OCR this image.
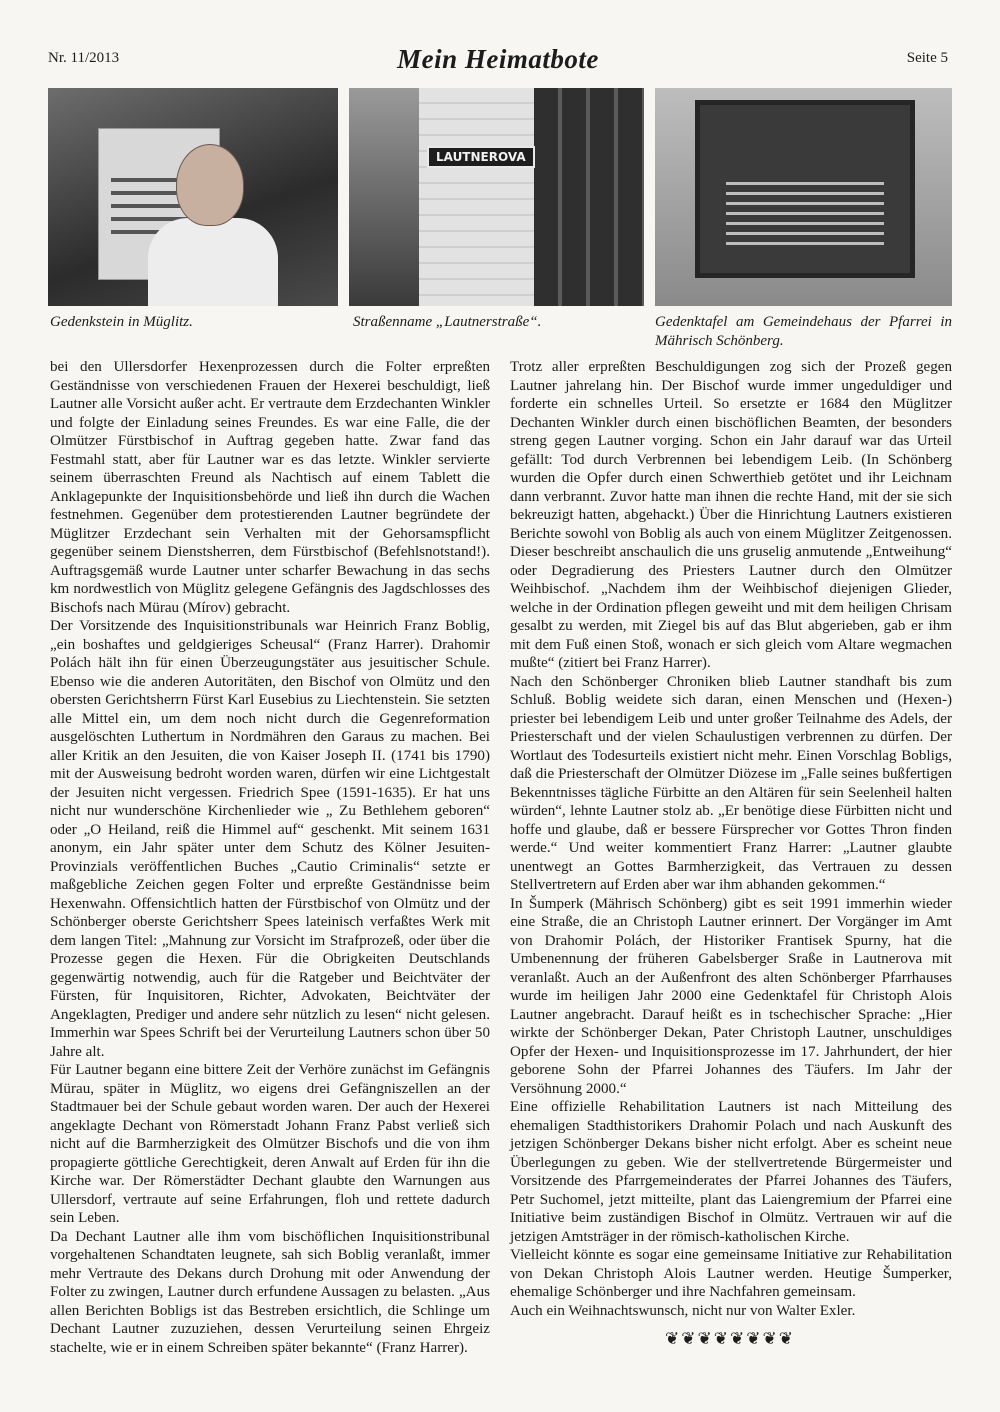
Nr. 11/2013	Mein Heimatbote	Seite 5
LAUTNEROVA
Gedenkstein in Müglitz.	Straßenname „Lautnerstraße“.	Gedenktafel am Gemeindehaus der Pfarrei in Mährisch Schönberg.

bei den Ullersdorfer Hexenprozessen durch die Folter erpreßten Geständnisse von verschiedenen Frauen der Hexerei beschuldigt, ließ Lautner alle Vorsicht außer acht. Er vertraute dem Erzdechanten Winkler und folgte der Einladung seines Freundes. Es war eine Falle, die der Olmützer Fürstbischof in Auftrag gegeben hatte. Zwar fand das Festmahl statt, aber für Lautner war es das letzte. Winkler servierte seinem überraschten Freund als Nachtisch auf einem Tablett die Anklagepunkte der Inquisitionsbehörde und ließ ihn durch die Wachen festnehmen. Gegenüber dem protestierenden Lautner begründete der Müglitzer Erzdechant sein Verhalten mit der Gehorsamspflicht gegenüber seinem Dienstsherren, dem Fürstbischof (Befehlsnotstand!). Auftragsgemäß wurde Lautner unter scharfer Bewachung in das sechs km nordwestlich von Müglitz gelegene Gefängnis des Jagdschlosses des Bischofs nach Mürau (Mírov) gebracht.

Der Vorsitzende des Inquisitionstribunals war Heinrich Franz Boblig, „ein boshaftes und geldgieriges Scheusal“ (Franz Harrer). Drahomir Polách hält ihn für einen Überzeugungstäter aus jesuitischer Schule. Ebenso wie die anderen Autoritäten, den Bischof von Olmütz und den obersten Gerichtsherrn Fürst Karl Eusebius zu Liechtenstein. Sie setzten alle Mittel ein, um dem noch nicht durch die Gegenreformation ausgelöschten Luthertum in Nordmähren den Garaus zu machen. Bei aller Kritik an den Jesuiten, die von Kaiser Joseph II. (1741 bis 1790) mit der Ausweisung bedroht worden waren, dürfen wir eine Lichtgestalt der Jesuiten nicht vergessen. Friedrich Spee (1591-1635). Er hat uns nicht nur wunderschöne Kirchenlieder wie „ Zu Bethlehem geboren“ oder „O Heiland, reiß die Himmel auf“ geschenkt. Mit seinem 1631 anonym, ein Jahr später unter dem Schutz des Kölner Jesuiten-Provinzials veröffentlichen Buches „Cautio Criminalis“ setzte er maßgebliche Zeichen gegen Folter und erpreßte Geständnisse beim Hexenwahn. Offensichtlich hatten der Fürstbischof von Olmütz und der Schönberger oberste Gerichtsherr Spees lateinisch verfaßtes Werk mit dem langen Titel: „Mahnung zur Vorsicht im Strafprozeß, oder über die Prozesse gegen die Hexen. Für die Obrigkeiten Deutschlands gegenwärtig notwendig, auch für die Ratgeber und Beichtväter der Fürsten, für Inquisitoren, Richter, Advokaten, Beichtväter der Angeklagten, Prediger und andere sehr nützlich zu lesen“ nicht gelesen. Immerhin war Spees Schrift bei der Verurteilung Lautners schon über 50 Jahre alt.

Für Lautner begann eine bittere Zeit der Verhöre zunächst im Gefängnis Mürau, später in Müglitz, wo eigens drei Gefängniszellen an der Stadtmauer bei der Schule gebaut worden waren. Der auch der Hexerei angeklagte Dechant von Römerstadt Johann Franz Pabst verließ sich nicht auf die Barmherzigkeit des Olmützer Bischofs und die von ihm propagierte göttliche Gerechtigkeit, deren Anwalt auf Erden für ihn die Kirche war. Der Römerstädter Dechant glaubte den Warnungen aus Ullersdorf, vertraute auf seine Erfahrungen, floh und rettete dadurch sein Leben.

Da Dechant Lautner alle ihm vom bischöflichen Inquisitionstribunal vorgehaltenen Schandtaten leugnete, sah sich Boblig veranlaßt, immer mehr Vertraute des Dekans durch Drohung mit oder Anwendung der Folter zu zwingen, Lautner durch erfundene Aussagen zu belasten. „Aus allen Berichten Bobligs ist das Bestreben ersichtlich, die Schlinge um Dechant Lautner zuzuziehen, dessen Verurteilung seinen Ehrgeiz stachelte, wie er in einem Schreiben später bekannte“ (Franz Harrer).

Trotz aller erpreßten Beschuldigungen zog sich der Prozeß gegen Lautner jahrelang hin. Der Bischof wurde immer ungeduldiger und forderte ein schnelles Urteil. So ersetzte er 1684 den Müglitzer Dechanten Winkler durch einen bischöflichen Beamten, der besonders streng gegen Lautner vorging. Schon ein Jahr darauf war das Urteil gefällt: Tod durch Verbrennen bei lebendigem Leib. (In Schönberg wurden die Opfer durch einen Schwerthieb getötet und ihr Leichnam dann verbrannt. Zuvor hatte man ihnen die rechte Hand, mit der sie sich bekreuzigt hatten, abgehackt.) Über die Hinrichtung Lautners existieren Berichte sowohl von Boblig als auch von einem Müglitzer Zeitgenossen. Dieser beschreibt anschaulich die uns gruselig anmutende „Entweihung“ oder Degradierung des Priesters Lautner durch den Olmützer Weihbischof. „Nachdem ihm der Weihbischof diejenigen Glieder, welche in der Ordination pflegen geweiht und mit dem heiligen Chrisam gesalbt zu werden, mit Ziegel bis auf das Blut abgerieben, gab er ihm mit dem Fuß einen Stoß, wonach er sich gleich vom Altare wegmachen mußte“ (zitiert bei Franz Harrer).

Nach den Schönberger Chroniken blieb Lautner standhaft bis zum Schluß. Boblig weidete sich daran, einen Menschen und (Hexen-) priester bei lebendigem Leib und unter großer Teilnahme des Adels, der Priesterschaft und der vielen Schaulustigen verbrennen zu dürfen. Der Wortlaut des Todesurteils existiert nicht mehr. Einen Vorschlag Bobligs, daß die Priesterschaft der Olmützer Diözese im „Falle seines bußfertigen Bekenntnisses tägliche Fürbitte an den Altären für sein Seelenheil halten würden“, lehnte Lautner stolz ab. „Er benötige diese Fürbitten nicht und hoffe und glaube, daß er bessere Fürsprecher vor Gottes Thron finden werde.“ Und weiter kommentiert Franz Harrer: „Lautner glaubte unentwegt an Gottes Barmherzigkeit, das Vertrauen zu dessen Stellvertretern auf Erden aber war ihm abhanden gekommen.“

In Šumperk (Mährisch Schönberg) gibt es seit 1991 immerhin wieder eine Straße, die an Christoph Lautner erinnert. Der Vorgänger im Amt von Drahomir Polách, der Historiker Frantisek Spurny, hat die Umbenennung der früheren Gabelsberger Sraße in Lautnerova mit veranlaßt. Auch an der Außenfront des alten Schönberger Pfarrhauses wurde im heiligen Jahr 2000 eine Gedenktafel für Christoph Alois Lautner angebracht. Darauf heißt es in tschechischer Sprache: „Hier wirkte der Schönberger Dekan, Pater Christoph Lautner, unschuldiges Opfer der Hexen- und Inquisitionsprozesse im 17. Jahrhundert, der hier geborene Sohn der Pfarrei Johannes des Täufers. Im Jahr der Versöhnung 2000.“

Eine offizielle Rehabilitation Lautners ist nach Mitteilung des ehemaligen Stadthistorikers Drahomir Polach und nach Auskunft des jetzigen Schönberger Dekans bisher nicht erfolgt. Aber es scheint neue Überlegungen zu geben. Wie der stellvertretende Bürgermeister und Vorsitzende des Pfarrgemeinderates der Pfarrei Johannes des Täufers, Petr Suchomel, jetzt mitteilte, plant das Laiengremium der Pfarrei eine Initiative beim zuständigen Bischof in Olmütz. Vertrauen wir auf die jetzigen Amtsträger in der römisch-katholischen Kirche.

Vielleicht könnte es sogar eine gemeinsame Initiative zur Rehabilitation von Dekan Christoph Alois Lautner werden. Heutige Šumperker, ehemalige Schönberger und ihre Nachfahren gemeinsam.

Auch ein Weihnachtswunsch, nicht nur von Walter Exler.

❦❦❦❦❦❦❦❦
